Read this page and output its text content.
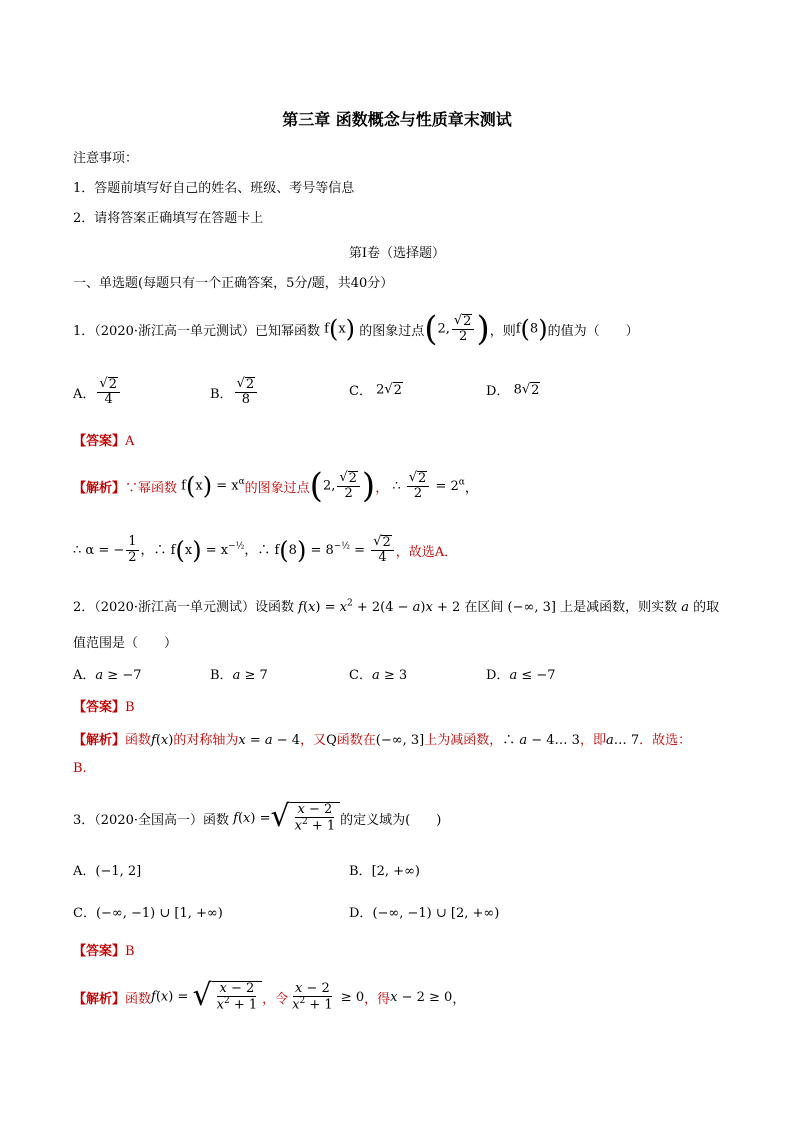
第三章 函数概念与性质章末测试
注意事项：
1．答题前填写好自己的姓名、班级、考号等信息
2．请将答案正确填写在答题卡上
第I卷（选择题）
一、单选题(每题只有一个正确答案，5分/题，共40分）
1．（2020·浙江高一单元测试）已知幂函数 f(x) 的图象过点 (2, $\frac{√ 2}{2}$ ) ，则 f(8) 的值为（　　）
A． $\frac{√ 2}{4}$	B． $\frac{√ 2}{8}$	C． 2 √ 2	D． 8 √ 2
【答案】A
【解析】 ∵幂函数 $f(x) = x^\alpha$ 的图象过点 (2, $\frac{√ 2}{2}$ ) ， ∴ $\frac{√ 2}{2} = 2^\alpha$ ，
∴ α = − $\frac{1}{2}$ ，∴ $f(x) = x^{-\frac{1}{2}}$，∴ $f(8) = 8^{-\frac{1}{2}} = \frac{√ 2}{4}$ ，故选A．
2．（2020·浙江高一单元测试）设函数 $f(x) = x^2 + 2(4 - a)x + 2$ 在区间 (−∞, 3] 上是减函数，则实数 a 的取
值范围是（　　）
A．a ≥ −7	B．a ≥ 7	C．a ≥ 3	D．a ≤ −7
【答案】B
【解析】函数f(x)的对称轴为x = a − 4，又Q函数在(−∞, 3]上为减函数，∴ a − 4… 3，即a… 7．故选：
B.
3．（2020·全国高一）函数 f ( x ) = √ $\frac{x - 2}{x^2 + 1}$ 的定义域为(　　)
A．(−1, 2]	B．[2, +∞)
C．(−∞, −1) ∪ [1, +∞)	D．(−∞, −1) ∪ [2, +∞)
【答案】B
【解析】 函数 f(x) = √ $\frac{x - 2}{x^2 + 1}$ ，令 $\frac{x - 2}{x^2 + 1} \ge 0$ ，得 x − 2 ≥ 0 ，
